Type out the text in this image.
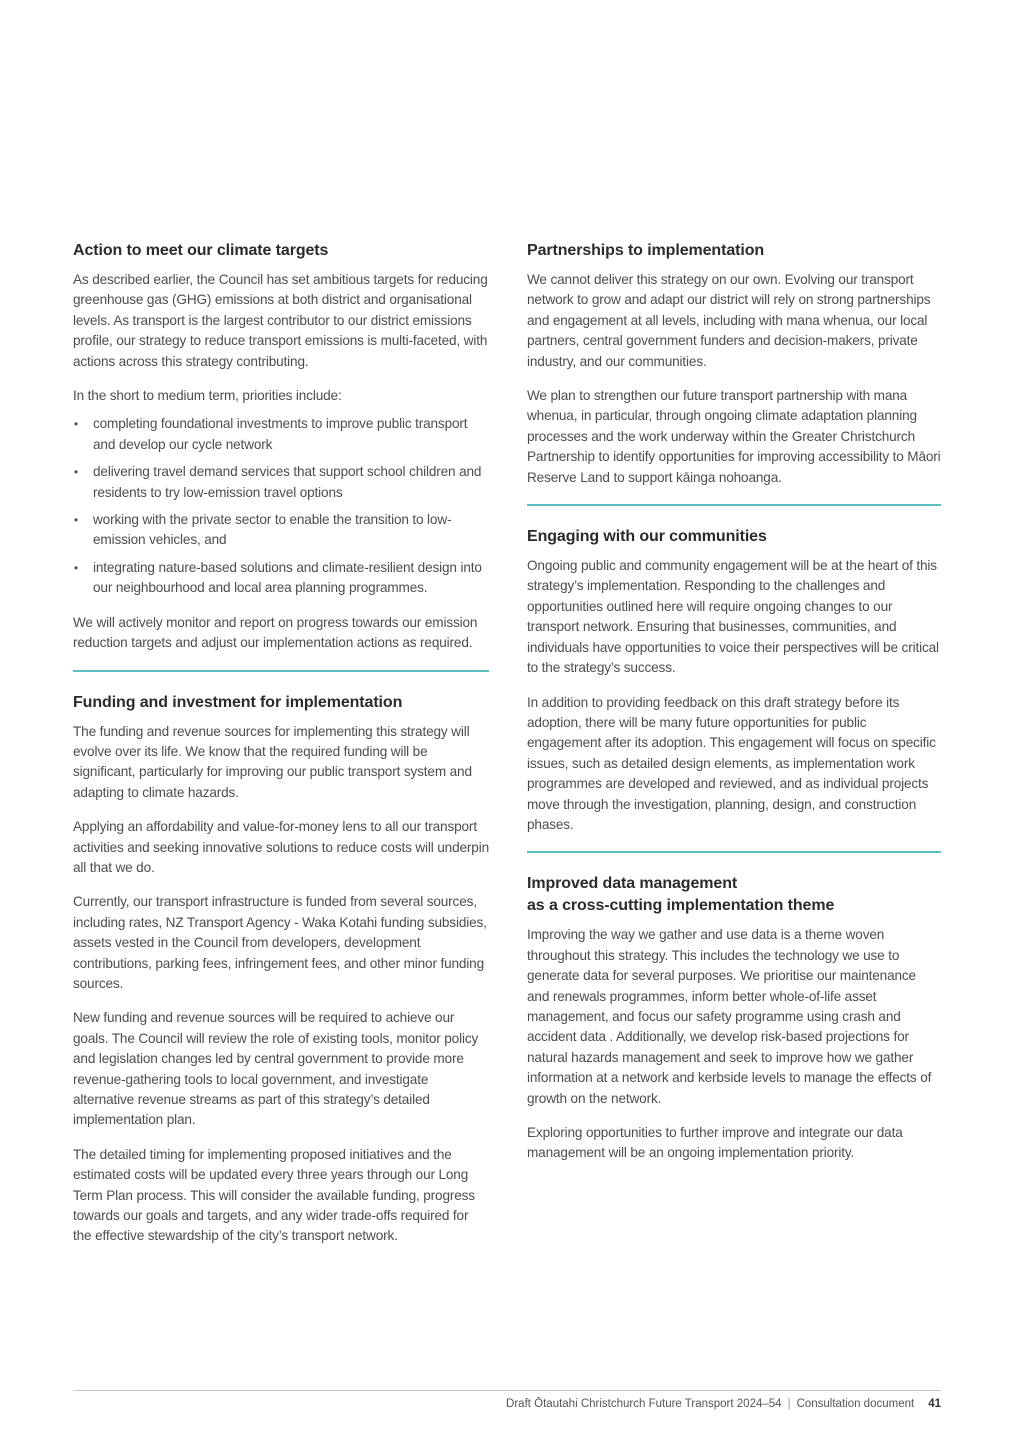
Action to meet our climate targets

As described earlier, the Council has set ambitious targets for reducing greenhouse gas (GHG) emissions at both district and organisational levels. As transport is the largest contributor to our district emissions profile, our strategy to reduce transport emissions is multi-faceted, with actions across this strategy contributing.

In the short to medium term, priorities include:

• completing foundational investments to improve public transport and develop our cycle network
• delivering travel demand services that support school children and residents to try low-emission travel options
• working with the private sector to enable the transition to low-emission vehicles, and
• integrating nature-based solutions and climate-resilient design into our neighbourhood and local area planning programmes.

We will actively monitor and report on progress towards our emission reduction targets and adjust our implementation actions as required.

Funding and investment for implementation

The funding and revenue sources for implementing this strategy will evolve over its life. We know that the required funding will be significant, particularly for improving our public transport system and adapting to climate hazards.

Applying an affordability and value-for-money lens to all our transport activities and seeking innovative solutions to reduce costs will underpin all that we do.

Currently, our transport infrastructure is funded from several sources, including rates, NZ Transport Agency - Waka Kotahi funding subsidies, assets vested in the Council from developers, development contributions, parking fees, infringement fees, and other minor funding sources.

New funding and revenue sources will be required to achieve our goals. The Council will review the role of existing tools, monitor policy and legislation changes led by central government to provide more revenue-gathering tools to local government, and investigate alternative revenue streams as part of this strategy’s detailed implementation plan.

The detailed timing for implementing proposed initiatives and the estimated costs will be updated every three years through our Long Term Plan process. This will consider the available funding, progress towards our goals and targets, and any wider trade-offs required for the effective stewardship of the city’s transport network.

Partnerships to implementation

We cannot deliver this strategy on our own. Evolving our transport network to grow and adapt our district will rely on strong partnerships and engagement at all levels, including with mana whenua, our local partners, central government funders and decision-makers, private industry, and our communities.

We plan to strengthen our future transport partnership with mana whenua, in particular, through ongoing climate adaptation planning processes and the work underway within the Greater Christchurch Partnership to identify opportunities for improving accessibility to Māori Reserve Land to support kāinga nohoanga.

Engaging with our communities

Ongoing public and community engagement will be at the heart of this strategy’s implementation. Responding to the challenges and opportunities outlined here will require ongoing changes to our transport network. Ensuring that businesses, communities, and individuals have opportunities to voice their perspectives will be critical to the strategy’s success.

In addition to providing feedback on this draft strategy before its adoption, there will be many future opportunities for public engagement after its adoption. This engagement will focus on specific issues, such as detailed design elements, as implementation work programmes are developed and reviewed, and as individual projects move through the investigation, planning, design, and construction phases.

Improved data management
as a cross-cutting implementation theme

Improving the way we gather and use data is a theme woven throughout this strategy. This includes the technology we use to generate data for several purposes. We prioritise our maintenance and renewals programmes, inform better whole-of-life asset management, and focus our safety programme using crash and accident data . Additionally, we develop risk-based projections for natural hazards management and seek to improve how we gather information at a network and kerbside levels to manage the effects of growth on the network.

Exploring opportunities to further improve and integrate our data management will be an ongoing implementation priority.

Draft Ōtautahi Christchurch Future Transport 2024–54 | Consultation document 41
